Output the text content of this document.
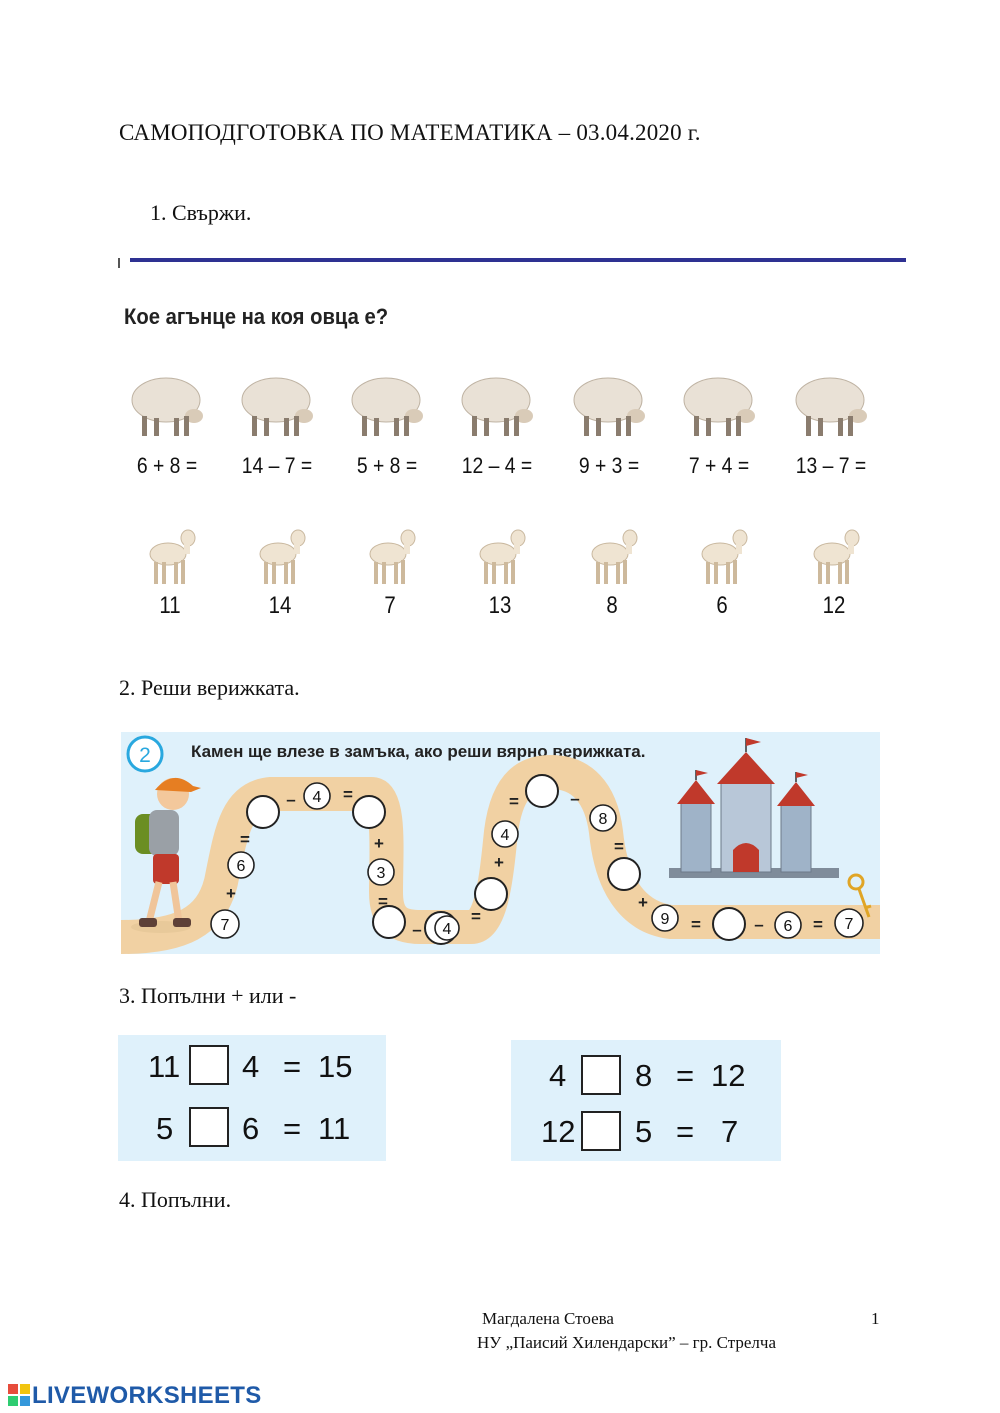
САМОПОДГОТОВКА ПО МАТЕМАТИКА – 03.04.2020 г.
1. Свържи.
Кое агънце на коя овца е?
6 + 8 =	14 – 7 =	5 + 8 =	12 – 4 =	9 + 3 =	7 + 4 =	13 – 7 =
11	14	7	13	8	6	12
2. Реши верижката.
2 Камен ще влезе в замъка, ако реши вярно верижката.
7
6
4
3
4
4
8
9	6	7
+
=
–	=
+
=
–
=
+
=	–
=
+
=	–	=
3. Попълни + или -
11 4 = 15
5 6 = 11
4 8 = 12
12 5 = 7
4. Попълни.
Магдалена Стоева
НУ „Паисий Хилендарски” – гр. Стрелча
1
LIVEWORKSHEETS
